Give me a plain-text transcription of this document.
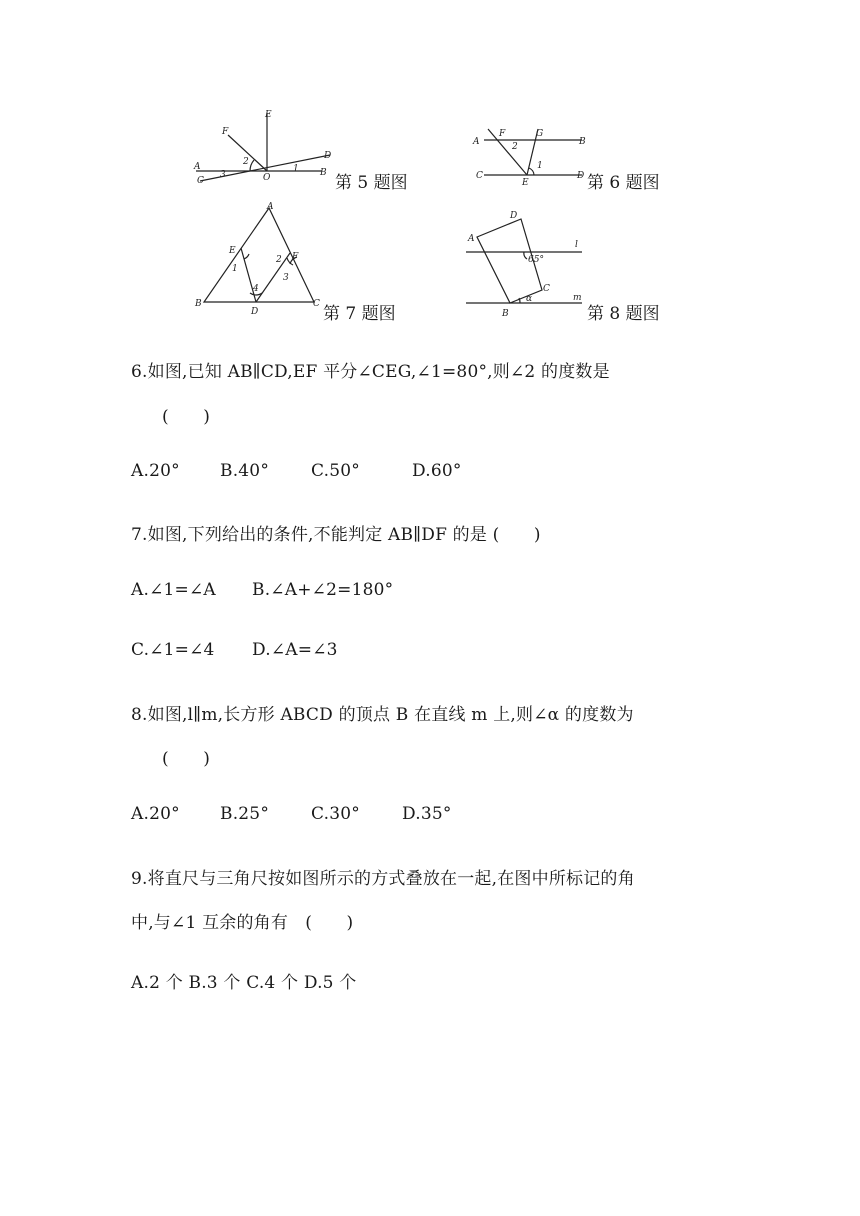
E
F
A
C	O
D
B
1
2
3	第 5 题图
A
F	G
B
C
E
D
1
2
第 6 题图
A
E
F
B
D
C
1
2
3
4
第 7 题图
A
D
C
B
l
m
65°
α
第 8 题图
6.如图,已知 AB∥CD,EF 平分∠CEG,∠1=80°,则∠2 的度数是
(　　)
A.20° B.40° C.50°	D.60°
7.如图,下列给出的条件,不能判定 AB∥DF 的是 (　　)
A.∠1=∠A B.∠A+∠2=180°
C.∠1=∠4 D.∠A=∠3
8.如图,l∥m,长方形 ABCD 的顶点 B 在直线 m 上,则∠α 的度数为
(　　)
A.20° B.25° C.30° D.35°
9.将直尺与三角尺按如图所示的方式叠放在一起,在图中所标记的角
中,与∠1 互余的角有　(　　)
A.2 个 B.3 个 C.4 个 D.5 个
